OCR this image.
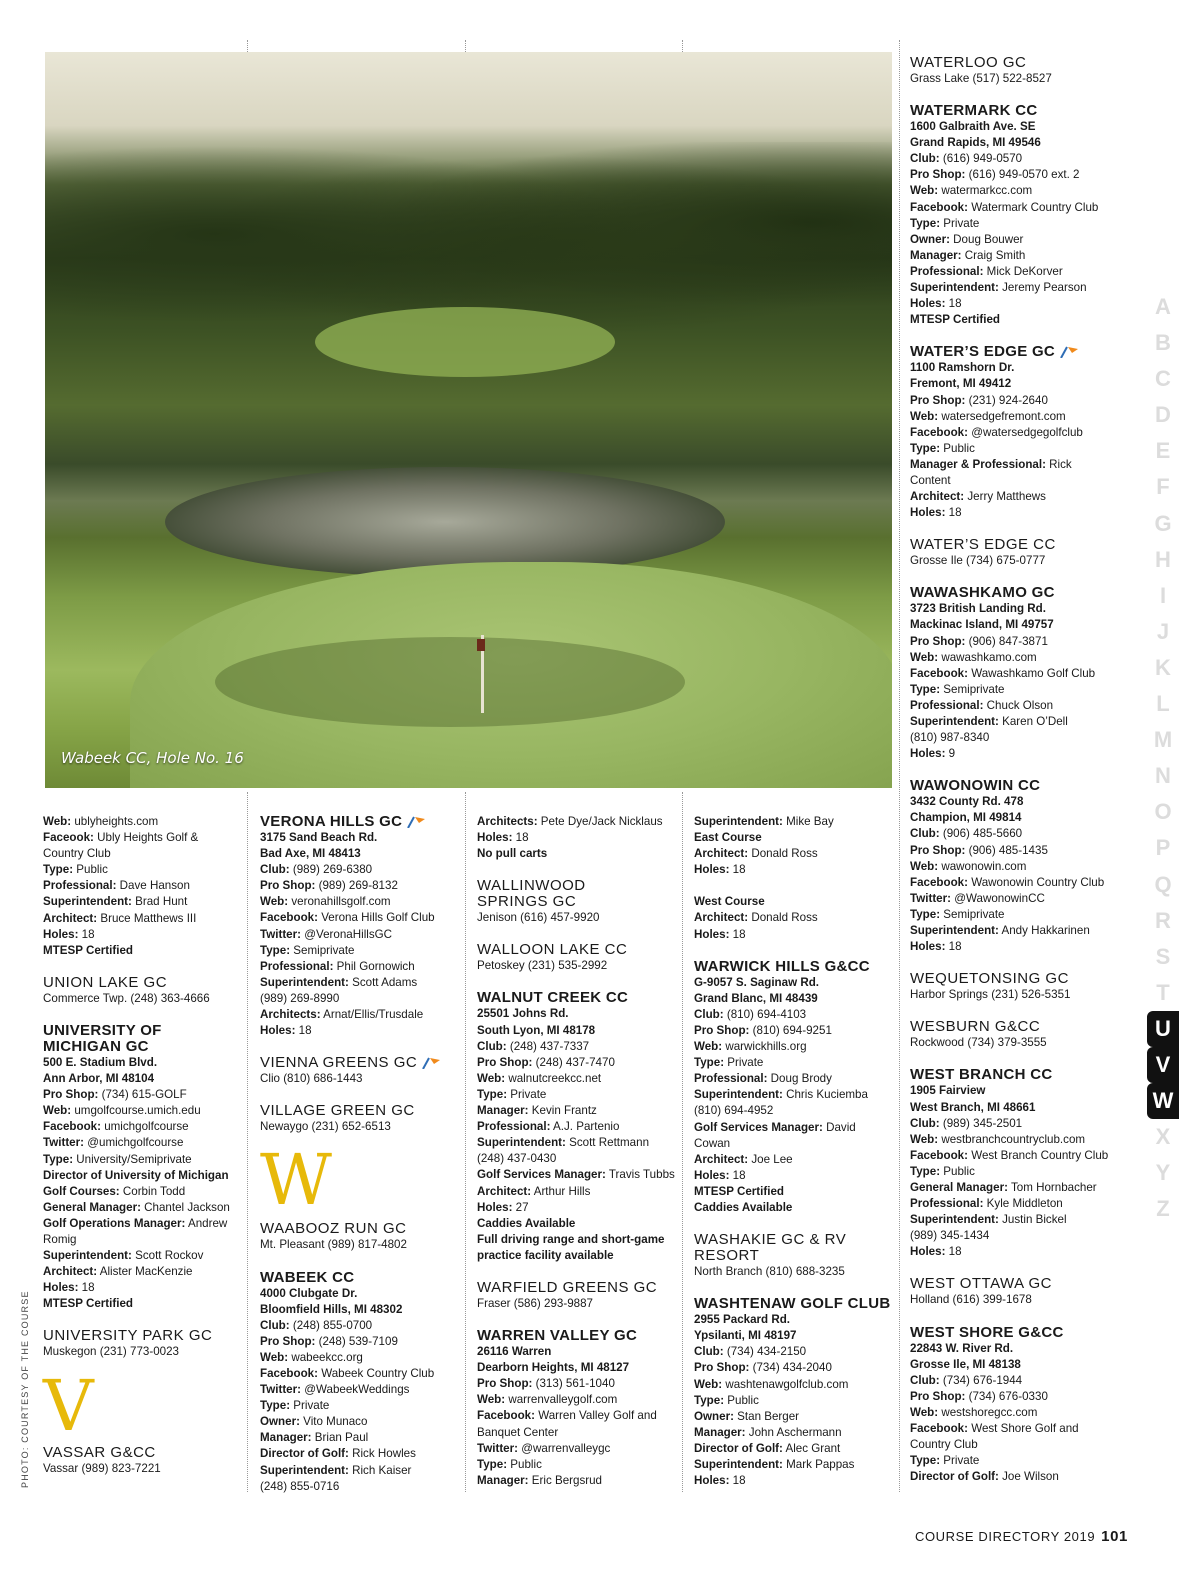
Wabeek CC, Hole No. 16

Web: ublyheights.com

Faceook: Ubly Heights Golf &

Country Club

Type: Public

Professional: Dave Hanson

Superintendent: Brad Hunt

Architect: Bruce Matthews III

Holes: 18

MTESP Certified

UNION LAKE GC

Commerce Twp. (248) 363-4666

UNIVERSITY OF MICHIGAN GC

500 E. Stadium Blvd.

Ann Arbor, MI 48104

Pro Shop: (734) 615-GOLF

Web: umgolfcourse.umich.edu

Facebook: umichgolfcourse

Twitter: @umichgolfcourse

Type: University/Semiprivate

Director of University of Michigan

Golf Courses: Corbin Todd

General Manager: Chantel Jackson

Golf Operations Manager: Andrew

Romig

Superintendent: Scott Rockov

Architect: Alister MacKenzie

Holes: 18

MTESP Certified

UNIVERSITY PARK GC

Muskegon (231) 773-0023

V
VASSAR G&CC

Vassar (989) 823-7221

VERONA HILLS GC

3175 Sand Beach Rd.

Bad Axe, MI 48413

Club: (989) 269-6380

Pro Shop: (989) 269-8132

Web: veronahillsgolf.com

Facebook: Verona Hills Golf Club

Twitter: @VeronaHillsGC

Type: Semiprivate

Professional: Phil Gornowich

Superintendent: Scott Adams

(989) 269-8990

Architects: Arnat/Ellis/Trusdale

Holes: 18

VIENNA GREENS GC

Clio (810) 686-1443

VILLAGE GREEN GC

Newaygo (231) 652-6513

W
WAABOOZ RUN GC

Mt. Pleasant (989) 817-4802

WABEEK CC

4000 Clubgate Dr.

Bloomfield Hills, MI 48302

Club: (248) 855-0700

Pro Shop: (248) 539-7109

Web: wabeekcc.org

Facebook: Wabeek Country Club

Twitter: @WabeekWeddings

Type: Private

Owner: Vito Munaco

Manager: Brian Paul

Director of Golf: Rick Howles

Superintendent: Rich Kaiser

(248) 855-0716

Architects: Pete Dye/Jack Nicklaus

Holes: 18

No pull carts

WALLINWOOD SPRINGS GC

Jenison (616) 457-9920

WALLOON LAKE CC

Petoskey (231) 535-2992

WALNUT CREEK CC

25501 Johns Rd.

South Lyon, MI 48178

Club: (248) 437-7337

Pro Shop: (248) 437-7470

Web: walnutcreekcc.net

Type: Private

Manager: Kevin Frantz

Professional: A.J. Partenio

Superintendent: Scott Rettmann

(248) 437-0430

Golf Services Manager: Travis Tubbs

Architect: Arthur Hills

Holes: 27

Caddies Available

Full driving range and short-game

practice facility available

WARFIELD GREENS GC

Fraser (586) 293-9887

WARREN VALLEY GC

26116 Warren

Dearborn Heights, MI 48127

Pro Shop: (313) 561-1040

Web: warrenvalleygolf.com

Facebook: Warren Valley Golf and

Banquet Center

Twitter: @warrenvalleygc

Type: Public

Manager: Eric Bergsrud

Superintendent: Mike Bay

East Course

Architect: Donald Ross

Holes: 18

West Course

Architect: Donald Ross

Holes: 18

WARWICK HILLS G&CC

G-9057 S. Saginaw Rd.

Grand Blanc, MI 48439

Club: (810) 694-4103

Pro Shop: (810) 694-9251

Web: warwickhills.org

Type: Private

Professional: Doug Brody

Superintendent: Chris Kuciemba

(810) 694-4952

Golf Services Manager: David

Cowan

Architect: Joe Lee

Holes: 18

MTESP Certified

Caddies Available

WASHAKIE GC & RV RESORT

North Branch (810) 688-3235

WASHTENAW GOLF CLUB

2955 Packard Rd.

Ypsilanti, MI 48197

Club: (734) 434-2150

Pro Shop: (734) 434-2040

Web: washtenawgolfclub.com

Type: Public

Owner: Stan Berger

Manager: John Aschermann

Director of Golf: Alec Grant

Superintendent: Mark Pappas

Holes: 18

WATERLOO GC

Grass Lake (517) 522-8527

WATERMARK CC

1600 Galbraith Ave. SE

Grand Rapids, MI 49546

Club: (616) 949-0570

Pro Shop: (616) 949-0570 ext. 2

Web: watermarkcc.com

Facebook: Watermark Country Club

Type: Private

Owner: Doug Bouwer

Manager: Craig Smith

Professional: Mick DeKorver

Superintendent: Jeremy Pearson

Holes: 18

MTESP Certified

WATER’S EDGE GC

1100 Ramshorn Dr.

Fremont, MI 49412

Pro Shop: (231) 924-2640

Web: watersedgefremont.com

Facebook: @watersedgegolfclub

Type: Public

Manager & Professional: Rick

Content

Architect: Jerry Matthews

Holes: 18

WATER’S EDGE CC

Grosse Ile (734) 675-0777

WAWASHKAMO GC

3723 British Landing Rd.

Mackinac Island, MI 49757

Pro Shop: (906) 847-3871

Web: wawashkamo.com

Facebook: Wawashkamo Golf Club

Type: Semiprivate

Professional: Chuck Olson

Superintendent: Karen O’Dell

(810) 987-8340

Holes: 9

WAWONOWIN CC

3432 County Rd. 478

Champion, MI 49814

Club: (906) 485-5660

Pro Shop: (906) 485-1435

Web: wawonowin.com

Facebook: Wawonowin Country Club

Twitter: @WawonowinCC

Type: Semiprivate

Superintendent: Andy Hakkarinen

Holes: 18

WEQUETONSING GC

Harbor Springs (231) 526-5351

WESBURN G&CC

Rockwood (734) 379-3555

WEST BRANCH CC

1905 Fairview

West Branch, MI 48661

Club: (989) 345-2501

Web: westbranchcountryclub.com

Facebook: West Branch Country Club

Type: Public

General Manager: Tom Hornbacher

Professional: Kyle Middleton

Superintendent: Justin Bickel

(989) 345-1434

Holes: 18

WEST OTTAWA GC

Holland (616) 399-1678

WEST SHORE G&CC

22843 W. River Rd.

Grosse Ile, MI 48138

Club: (734) 676-1944

Pro Shop: (734) 676-0330

Web: westshoregcc.com

Facebook: West Shore Golf and

Country Club

Type: Private

Director of Golf: Joe Wilson

A
B
C
D
E
F
G
H
I
J
K
L
M
N
O
P
Q
R
S
T
U
V
W
X
Y
Z
PHOTO: COURTESY OF THE COURSE
COURSE DIRECTORY 2019 101
